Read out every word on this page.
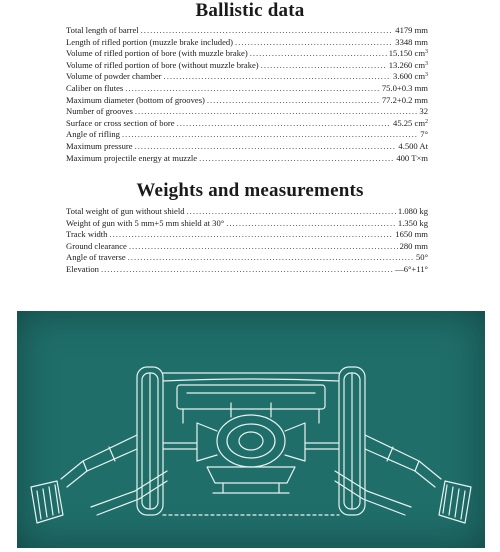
Ballistic data
Total length of barrel .....	4179 mm
Length of rifled portion (muzzle brake included) .....	3348 mm
Volume of rifled portion of bore (with muzzle brake) .....	15.150 $cm^3$
Volume of rifled portion of bore (without muzzle brake) .....	13.260 $cm^3$
Volume of powder chamber .....	3.600 $cm^3$
Caliber on flutes .....	75.0+0.3 mm
Maximum diameter (bottom of grooves) .....	77.2+0.2 mm
Number of grooves .....	32
Surface or cross section of bore .....	45.25 $cm^2$
Angle of rifling .....	7°
Maximum pressure .....	4.500 At
Maximum projectile energy at muzzle .....	400 T×m
Weights and measurements
Total weight of gun without shield .....	1.080 kg
Weight of gun with 5 mm+5 mm shield at 30° .....	1.350 kg
Track width .....	1650 mm
Ground clearance .....	280 mm
Angle of traverse .....	50°
Elevation .....	—6°+11°
